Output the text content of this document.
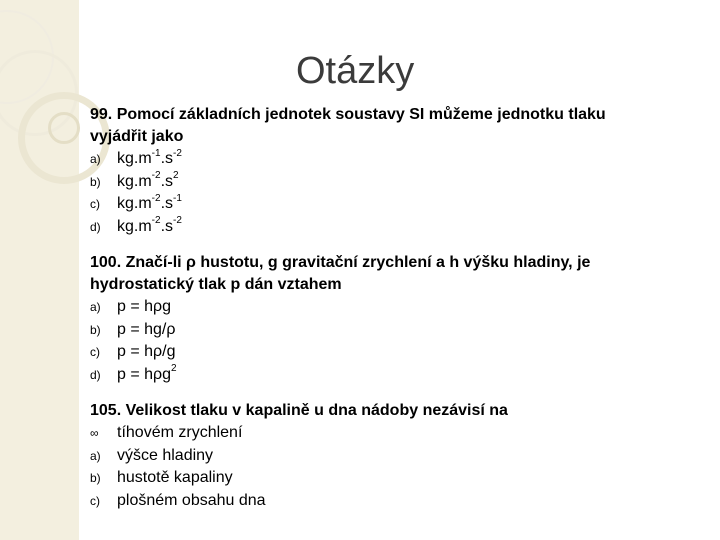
Otázky
99. Pomocí základních jednotek soustavy SI můžeme jednotku tlaku
vyjádřit jako
a)	$kg.m^{-1}.s^{-2}$
b)	$kg.m^{-2}.s^2$
c)	$kg.m^{-2}.s^{-1}$
d)	$kg.m^{-2}.s^{-2}$
100. Značí-li ρ hustotu, g gravitační zrychlení a h výšku hladiny, je
hydrostatický tlak p dán vztahem
a)	p = hρg
b)	p = hg/ρ
c)	p = hρ/g
d)	p = hρg$^2$
105. Velikost tlaku v kapalině u dna nádoby nezávisí na
∞	tíhovém zrychlení
a)	výšce hladiny
b)	hustotě kapaliny
c)	plošném obsahu dna
